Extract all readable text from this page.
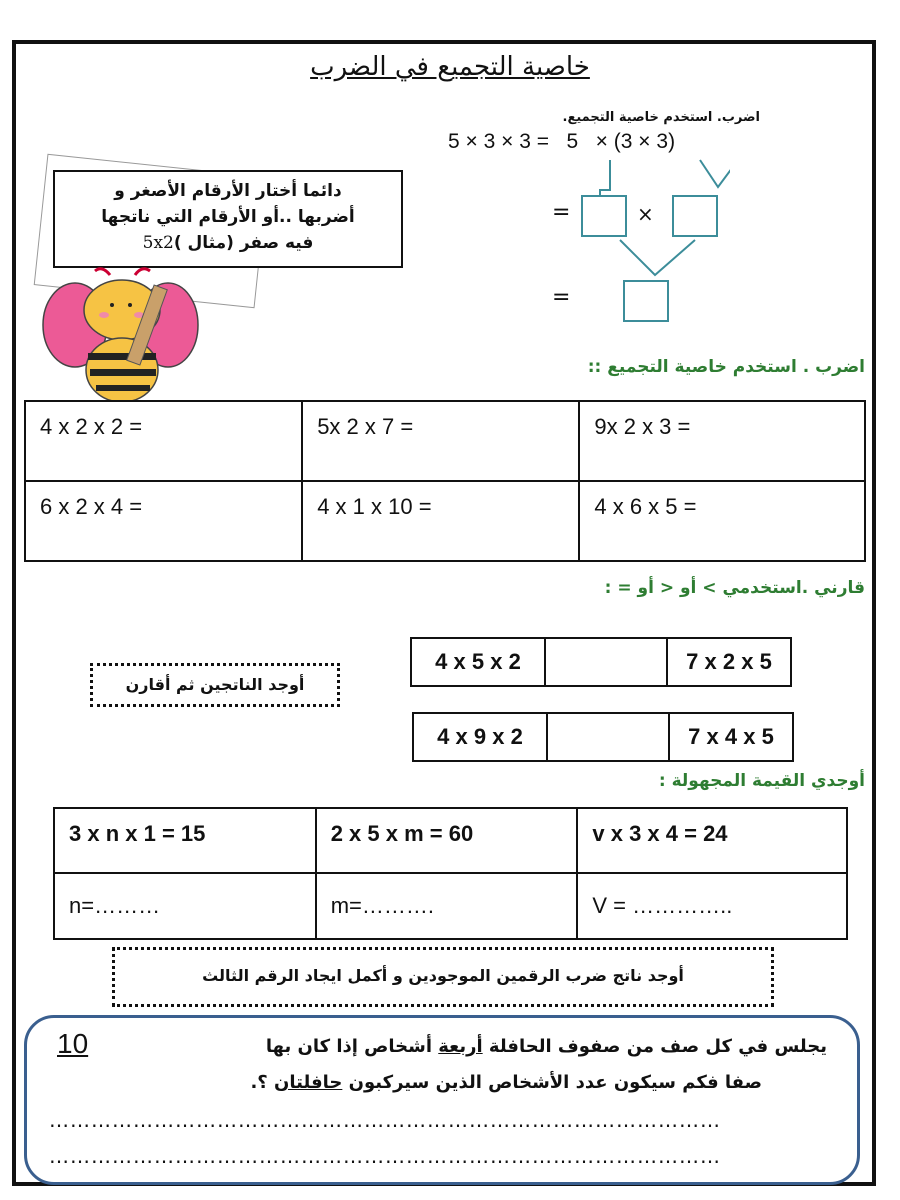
خاصية التجميع في الضرب
دائما أختار الأرقام الأصغر و
أضربها ..أو الأرقام التي ناتجها
فيه صفر (مثال )5x2
اضرب. استخدم خاصية التجميع.
5 × 3 × 3 =   5   × (3 × 3)
=	×
=
اضرب . استخدم خاصية التجميع ::
4 x 2 x 2 =	5x 2 x 7 =	9x 2 x 3 =
6 x 2 x 4 =	4 x 1 x 10 =	4 x 6 x 5 =
قارني .استخدمي > أو < أو = :
4 x 5 x 2		7 x 2 x 5
4 x 9 x 2		7 x 4 x 5
أوجد الناتجين ثم أقارن
أوجدي القيمة المجهولة :
3 x n x 1 = 15	2 x 5 x m = 60	v x 3 x 4 = 24
n=………	m=……….	V = …………..
أوجد ناتج ضرب الرقمين الموجودين و أكمل ايجاد الرقم الثالث
يجلس في كل صف من صفوف الحافلة أربعة أشخاص إذا كان بها
10
صفا فكم سيكون عدد الأشخاص الذين سيركبون حافلتان ؟.
……………………………………………………………………………………
……………………………………………………………………………………
